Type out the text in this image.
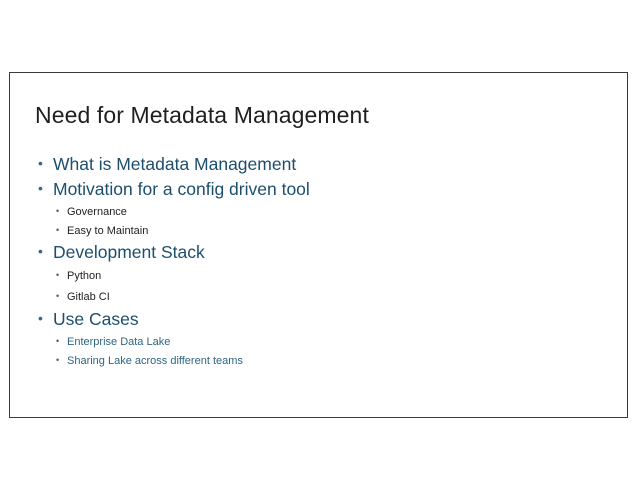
Need for Metadata Management
• What is Metadata Management
• Motivation for a config driven tool
• Governance
• Easy to Maintain
• Development Stack
• Python
• Gitlab CI
• Use Cases
• Enterprise Data Lake
• Sharing Lake across different teams
